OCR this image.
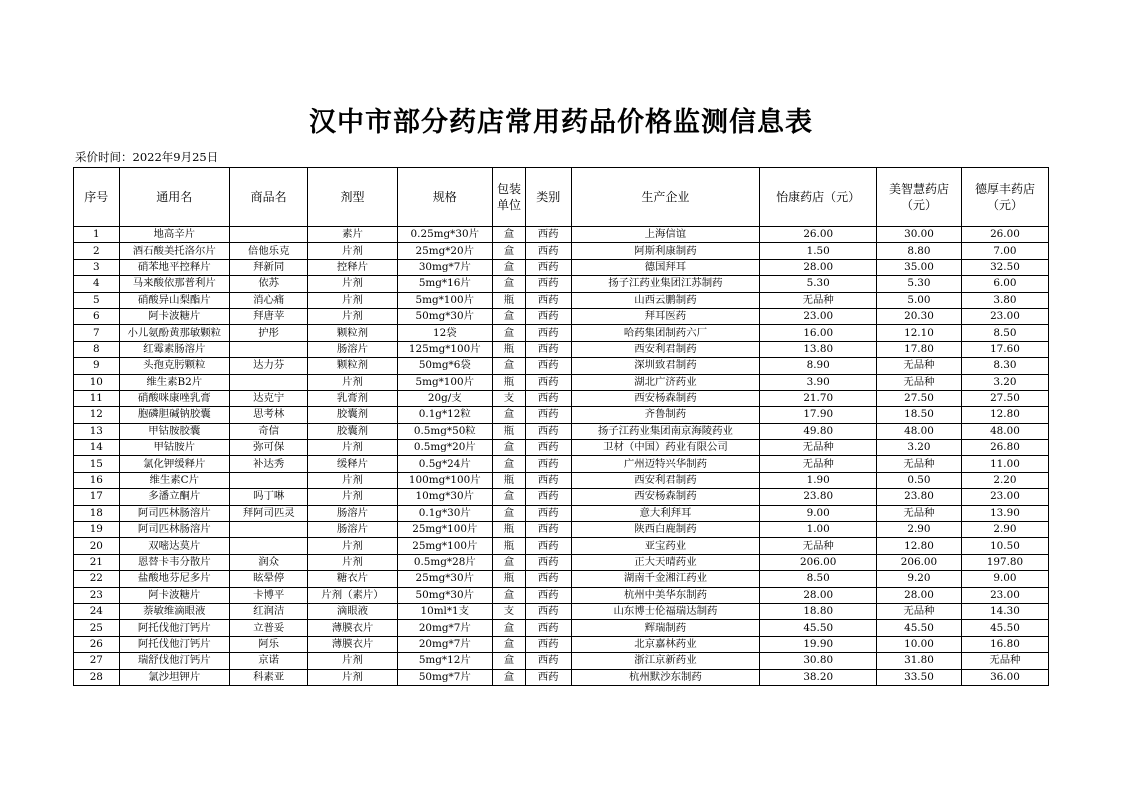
汉中市部分药店常用药品价格监测信息表
采价时间：2022年9月25日
序号	通用名	商品名	剂型	规格	包装单位	类别	生产企业	怡康药店（元）	美智慧药店（元）	德厚丰药店（元）
1	地高辛片		素片	0.25mg*30片	盒	西药	上海信谊	26.00	30.00	26.00
2	酒石酸美托洛尔片	倍他乐克	片剂	25mg*20片	盒	西药	阿斯利康制药	1.50	8.80	7.00
3	硝苯地平控释片	拜新同	控释片	30mg*7片	盒	西药	德国拜耳	28.00	35.00	32.50
4	马来酸依那普利片	依苏	片剂	5mg*16片	盒	西药	扬子江药业集团江苏制药	5.30	5.30	6.00
5	硝酸异山梨酯片	消心痛	片剂	5mg*100片	瓶	西药	山西云鹏制药	无品种	5.00	3.80
6	阿卡波糖片	拜唐苹	片剂	50mg*30片	盒	西药	拜耳医药	23.00	20.30	23.00
7	小儿氨酚黄那敏颗粒	护彤	颗粒剂	12袋	盒	西药	哈药集团制药六厂	16.00	12.10	8.50
8	红霉素肠溶片		肠溶片	125mg*100片	瓶	西药	西安利君制药	13.80	17.80	17.60
9	头孢克肟颗粒	达力芬	颗粒剂	50mg*6袋	盒	西药	深圳致君制药	8.90	无品种	8.30
10	维生素B2片		片剂	5mg*100片	瓶	西药	湖北广济药业	3.90	无品种	3.20
11	硝酸咪康唑乳膏	达克宁	乳膏剂	20g/支	支	西药	西安杨森制药	21.70	27.50	27.50
12	胞磷胆碱钠胶囊	思考林	胶囊剂	0.1g*12粒	盒	西药	齐鲁制药	17.90	18.50	12.80
13	甲钴胺胶囊	奇信	胶囊剂	0.5mg*50粒	瓶	西药	扬子江药业集团南京海陵药业	49.80	48.00	48.00
14	甲钴胺片	弥可保	片剂	0.5mg*20片	盒	西药	卫材（中国）药业有限公司	无品种	3.20	26.80
15	氯化钾缓释片	补达秀	缓释片	0.5g*24片	盒	西药	广州迈特兴华制药	无品种	无品种	11.00
16	维生素C片		片剂	100mg*100片	瓶	西药	西安利君制药	1.90	0.50	2.20
17	多潘立酮片	吗丁啉	片剂	10mg*30片	盒	西药	西安杨森制药	23.80	23.80	23.00
18	阿司匹林肠溶片	拜阿司匹灵	肠溶片	0.1g*30片	盒	西药	意大利拜耳	9.00	无品种	13.90
19	阿司匹林肠溶片		肠溶片	25mg*100片	瓶	西药	陕西白鹿制药	1.00	2.90	2.90
20	双嘧达莫片		片剂	25mg*100片	瓶	西药	亚宝药业	无品种	12.80	10.50
21	恩替卡韦分散片	润众	片剂	0.5mg*28片	盒	西药	正大天晴药业	206.00	206.00	197.80
22	盐酸地芬尼多片	眩晕停	糖衣片	25mg*30片	瓶	西药	湖南千金湘江药业	8.50	9.20	9.00
23	阿卡波糖片	卡博平	片剂（素片）	50mg*30片	盒	西药	杭州中美华东制药	28.00	28.00	23.00
24	萘敏维滴眼液	红润洁	滴眼液	10ml*1支	支	西药	山东博士伦福瑞达制药	18.80	无品种	14.30
25	阿托伐他汀钙片	立普妥	薄膜衣片	20mg*7片	盒	西药	辉瑞制药	45.50	45.50	45.50
26	阿托伐他汀钙片	阿乐	薄膜衣片	20mg*7片	盒	西药	北京嘉林药业	19.90	10.00	16.80
27	瑞舒伐他汀钙片	京诺	片剂	5mg*12片	盒	西药	浙江京新药业	30.80	31.80	无品种
28	氯沙坦钾片	科素亚	片剂	50mg*7片	盒	西药	杭州默沙东制药	38.20	33.50	36.00
